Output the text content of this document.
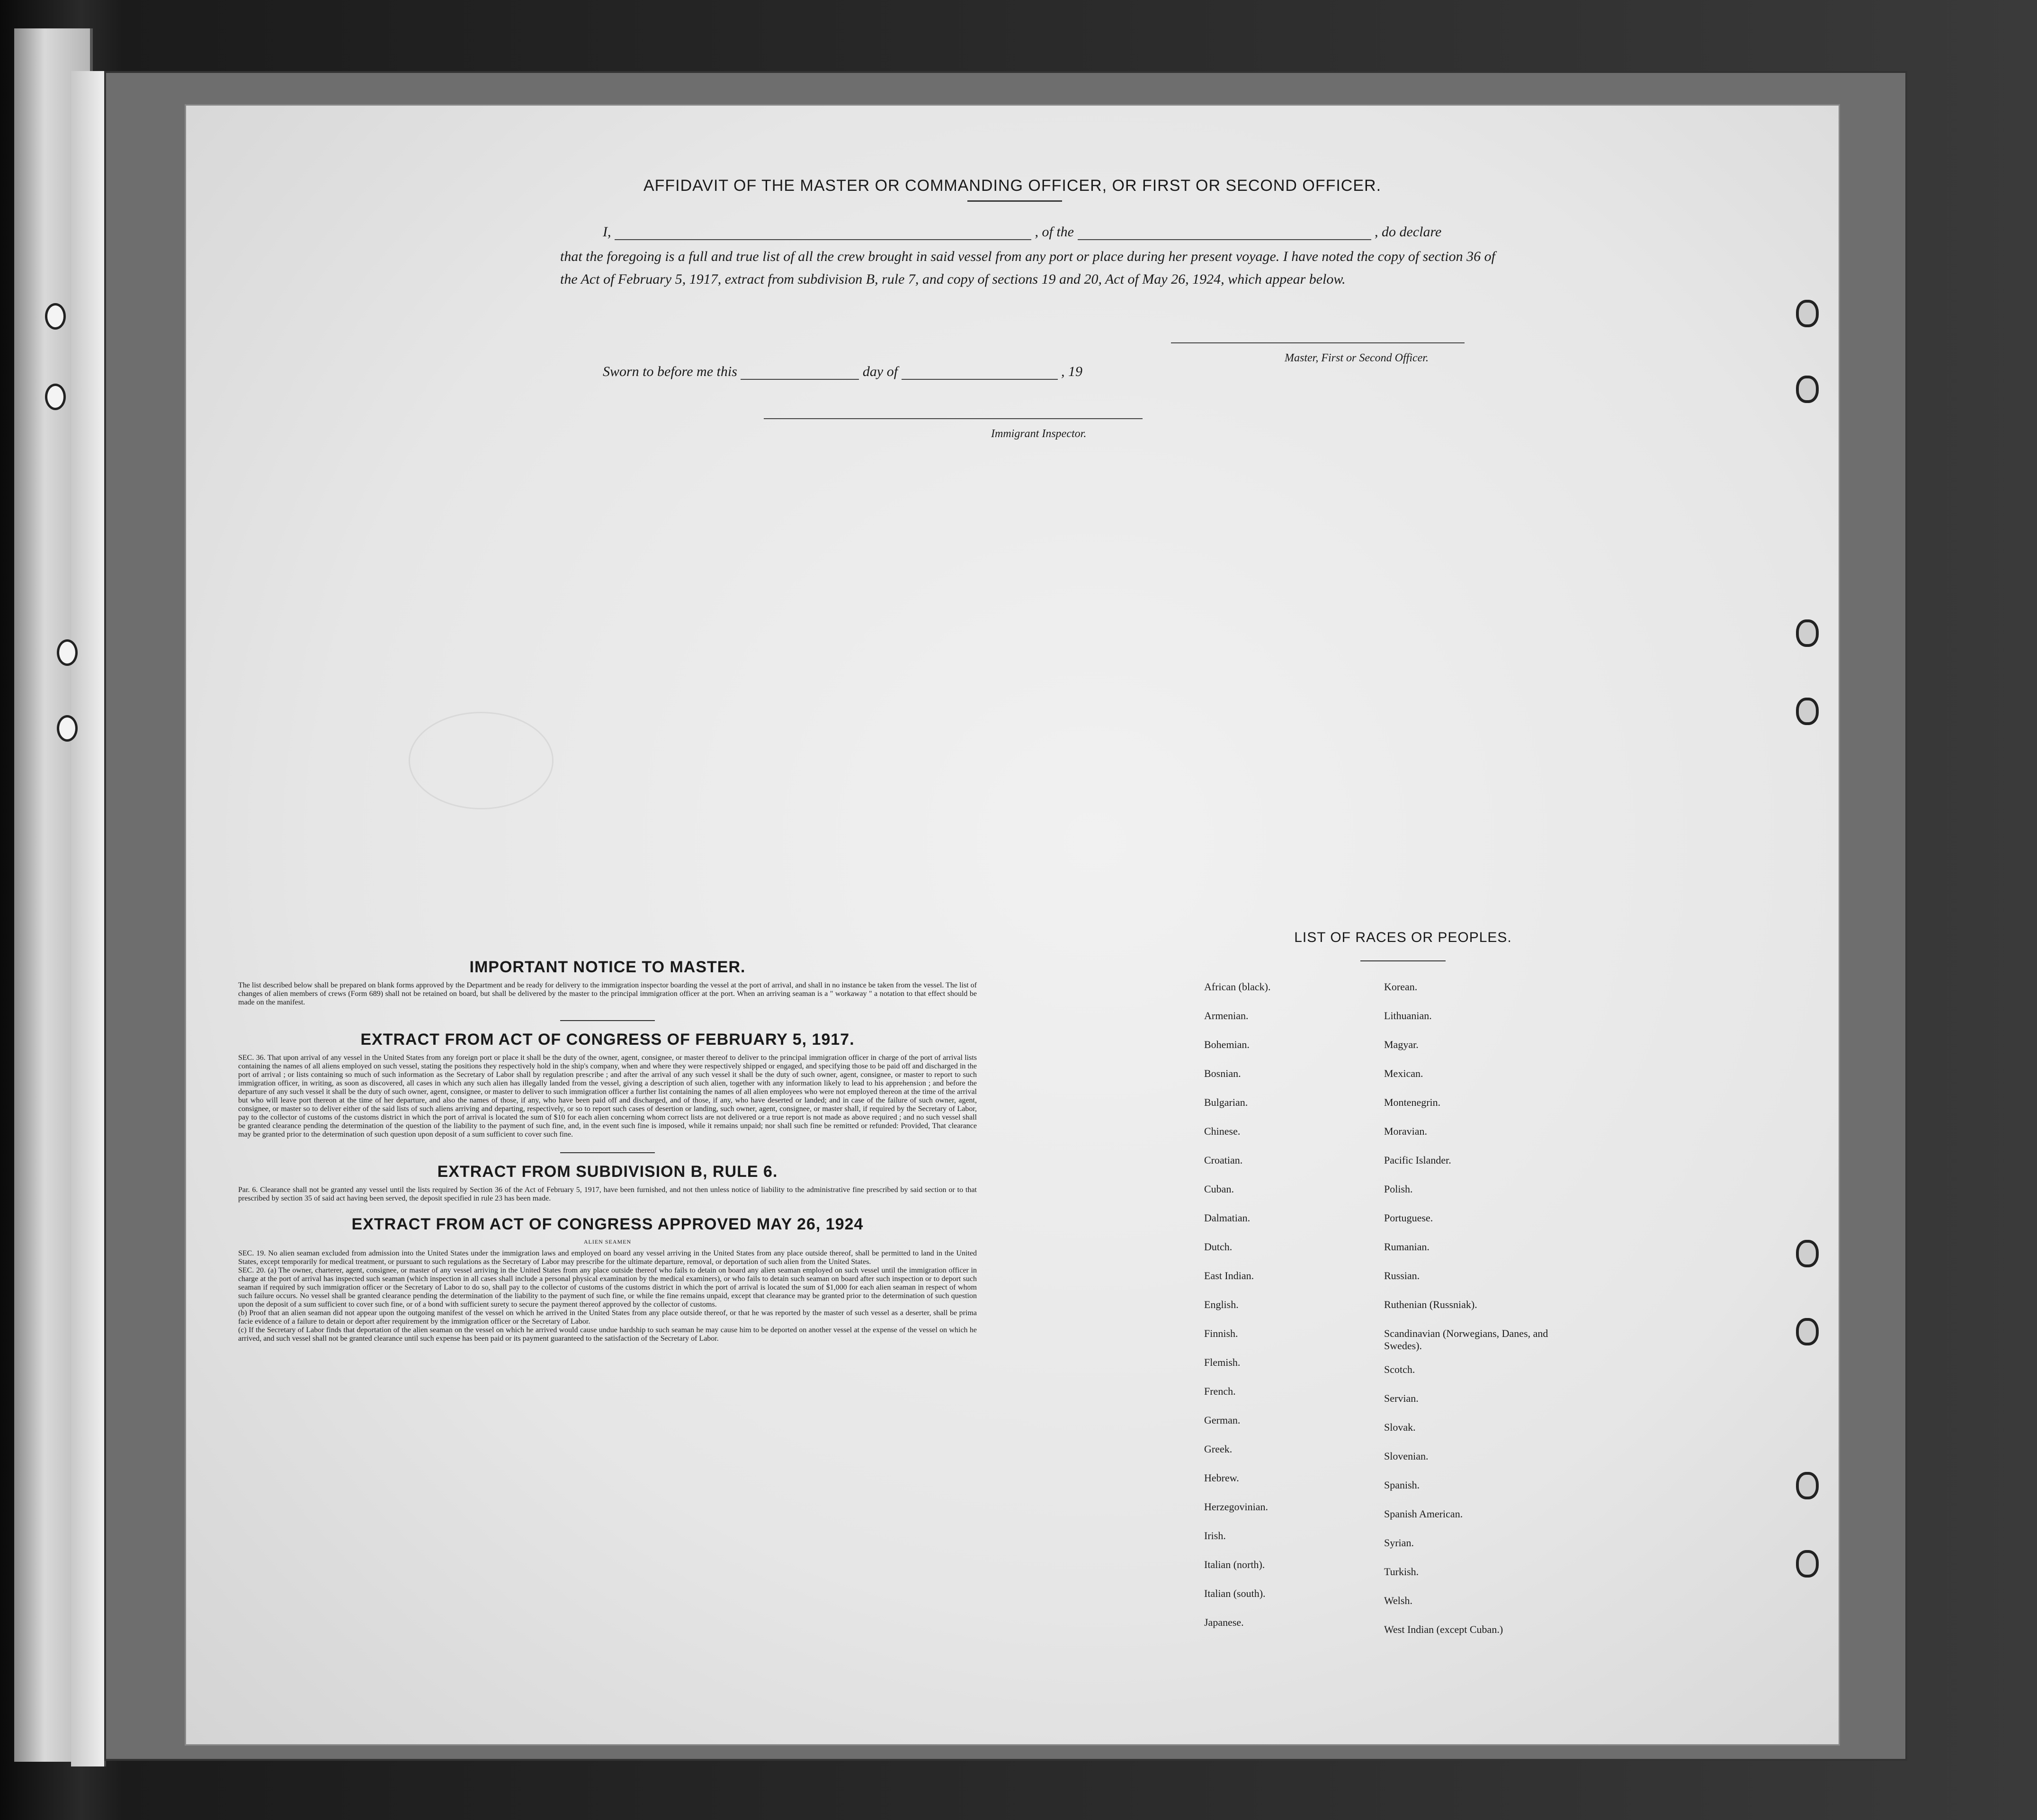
AFFIDAVIT OF THE MASTER OR COMMANDING OFFICER, OR FIRST OR SECOND OFFICER.
I,	, of the	, do declare
that the foregoing is a full and true list of all the crew brought in said vessel from any port or place during her present voyage. I have noted the copy of section 36 of the Act of February 5, 1917, extract from subdivision B, rule 7, and copy of sections 19 and 20, Act of May 26, 1924, which appear below.
Master, First or Second Officer.
Sworn to before me this	day of	, 19
Immigrant Inspector.
IMPORTANT NOTICE TO MASTER.

The list described below shall be prepared on blank forms approved by the Department and be ready for delivery to the immigration inspector boarding the vessel at the port of arrival, and shall in no instance be taken from the vessel. The list of changes of alien members of crews (Form 689) shall not be retained on board, but shall be delivered by the master to the principal immigration officer at the port. When an arriving seaman is a " workaway " a notation to that effect should be made on the manifest.

EXTRACT FROM ACT OF CONGRESS OF FEBRUARY 5, 1917.

SEC. 36. That upon arrival of any vessel in the United States from any foreign port or place it shall be the duty of the owner, agent, consignee, or master thereof to deliver to the principal immigration officer in charge of the port of arrival lists containing the names of all aliens employed on such vessel, stating the positions they respectively hold in the ship's company, when and where they were respectively shipped or engaged, and specifying those to be paid off and discharged in the port of arrival ; or lists containing so much of such information as the Secretary of Labor shall by regulation prescribe ; and after the arrival of any such vessel it shall be the duty of such owner, agent, consignee, or master to report to such immigration officer, in writing, as soon as discovered, all cases in which any such alien has illegally landed from the vessel, giving a description of such alien, together with any information likely to lead to his apprehension ; and before the departure of any such vessel it shall be the duty of such owner, agent, consignee, or master to deliver to such immigration officer a further list containing the names of all alien employees who were not employed thereon at the time of the arrival but who will leave port thereon at the time of her departure, and also the names of those, if any, who have been paid off and discharged, and of those, if any, who have deserted or landed; and in case of the failure of such owner, agent, consignee, or master so to deliver either of the said lists of such aliens arriving and departing, respectively, or so to report such cases of desertion or landing, such owner, agent, consignee, or master shall, if required by the Secretary of Labor, pay to the collector of customs of the customs district in which the port of arrival is located the sum of $10 for each alien concerning whom correct lists are not delivered or a true report is not made as above required ; and no such vessel shall be granted clearance pending the determination of the question of the liability to the payment of such fine, and, in the event such fine is imposed, while it remains unpaid; nor shall such fine be remitted or refunded: Provided, That clearance may be granted prior to the determination of such question upon deposit of a sum sufficient to cover such fine.

EXTRACT FROM SUBDIVISION B, RULE 6.

Par. 6. Clearance shall not be granted any vessel until the lists required by Section 36 of the Act of February 5, 1917, have been furnished, and not then unless notice of liability to the administrative fine prescribed by said section or to that prescribed by section 35 of said act having been served, the deposit specified in rule 23 has been made.

EXTRACT FROM ACT OF CONGRESS APPROVED MAY 26, 1924
ALIEN SEAMEN

SEC. 19. No alien seaman excluded from admission into the United States under the immigration laws and employed on board any vessel arriving in the United States from any place outside thereof, shall be permitted to land in the United States, except temporarily for medical treatment, or pursuant to such regulations as the Secretary of Labor may prescribe for the ultimate departure, removal, or deportation of such alien from the United States.

SEC. 20. (a) The owner, charterer, agent, consignee, or master of any vessel arriving in the United States from any place outside thereof who fails to detain on board any alien seaman employed on such vessel until the immigration officer in charge at the port of arrival has inspected such seaman (which inspection in all cases shall include a personal physical examination by the medical examiners), or who fails to detain such seaman on board after such inspection or to deport such seaman if required by such immigration officer or the Secretary of Labor to do so, shall pay to the collector of customs of the customs district in which the port of arrival is located the sum of $1,000 for each alien seaman in respect of whom such failure occurs. No vessel shall be granted clearance pending the determination of the liability to the payment of such fine, or while the fine remains unpaid, except that clearance may be granted prior to the determination of such question upon the deposit of a sum sufficient to cover such fine, or of a bond with sufficient surety to secure the payment thereof approved by the collector of customs.

(b) Proof that an alien seaman did not appear upon the outgoing manifest of the vessel on which he arrived in the United States from any place outside thereof, or that he was reported by the master of such vessel as a deserter, shall be prima facie evidence of a failure to detain or deport after requirement by the immigration officer or the Secretary of Labor.

(c) If the Secretary of Labor finds that deportation of the alien seaman on the vessel on which he arrived would cause undue hardship to such seaman he may cause him to be deported on another vessel at the expense of the vessel on which he arrived, and such vessel shall not be granted clearance until such expense has been paid or its payment guaranteed to the satisfaction of the Secretary of Labor.

LIST OF RACES OR PEOPLES.
African (black).
Armenian.
Bohemian.
Bosnian.
Bulgarian.
Chinese.
Croatian.
Cuban.
Dalmatian.
Dutch.
East Indian.
English.
Finnish.
Flemish.
French.
German.
Greek.
Hebrew.
Herzegovinian.
Irish.
Italian (north).
Italian (south).
Japanese.
Korean.
Lithuanian.
Magyar.
Mexican.
Montenegrin.
Moravian.
Pacific Islander.
Polish.
Portuguese.
Rumanian.
Russian.
Ruthenian (Russniak).
Scandinavian (Norwegians, Danes, and Swedes).
Scotch.
Servian.
Slovak.
Slovenian.
Spanish.
Spanish American.
Syrian.
Turkish.
Welsh.
West Indian (except Cuban.)
